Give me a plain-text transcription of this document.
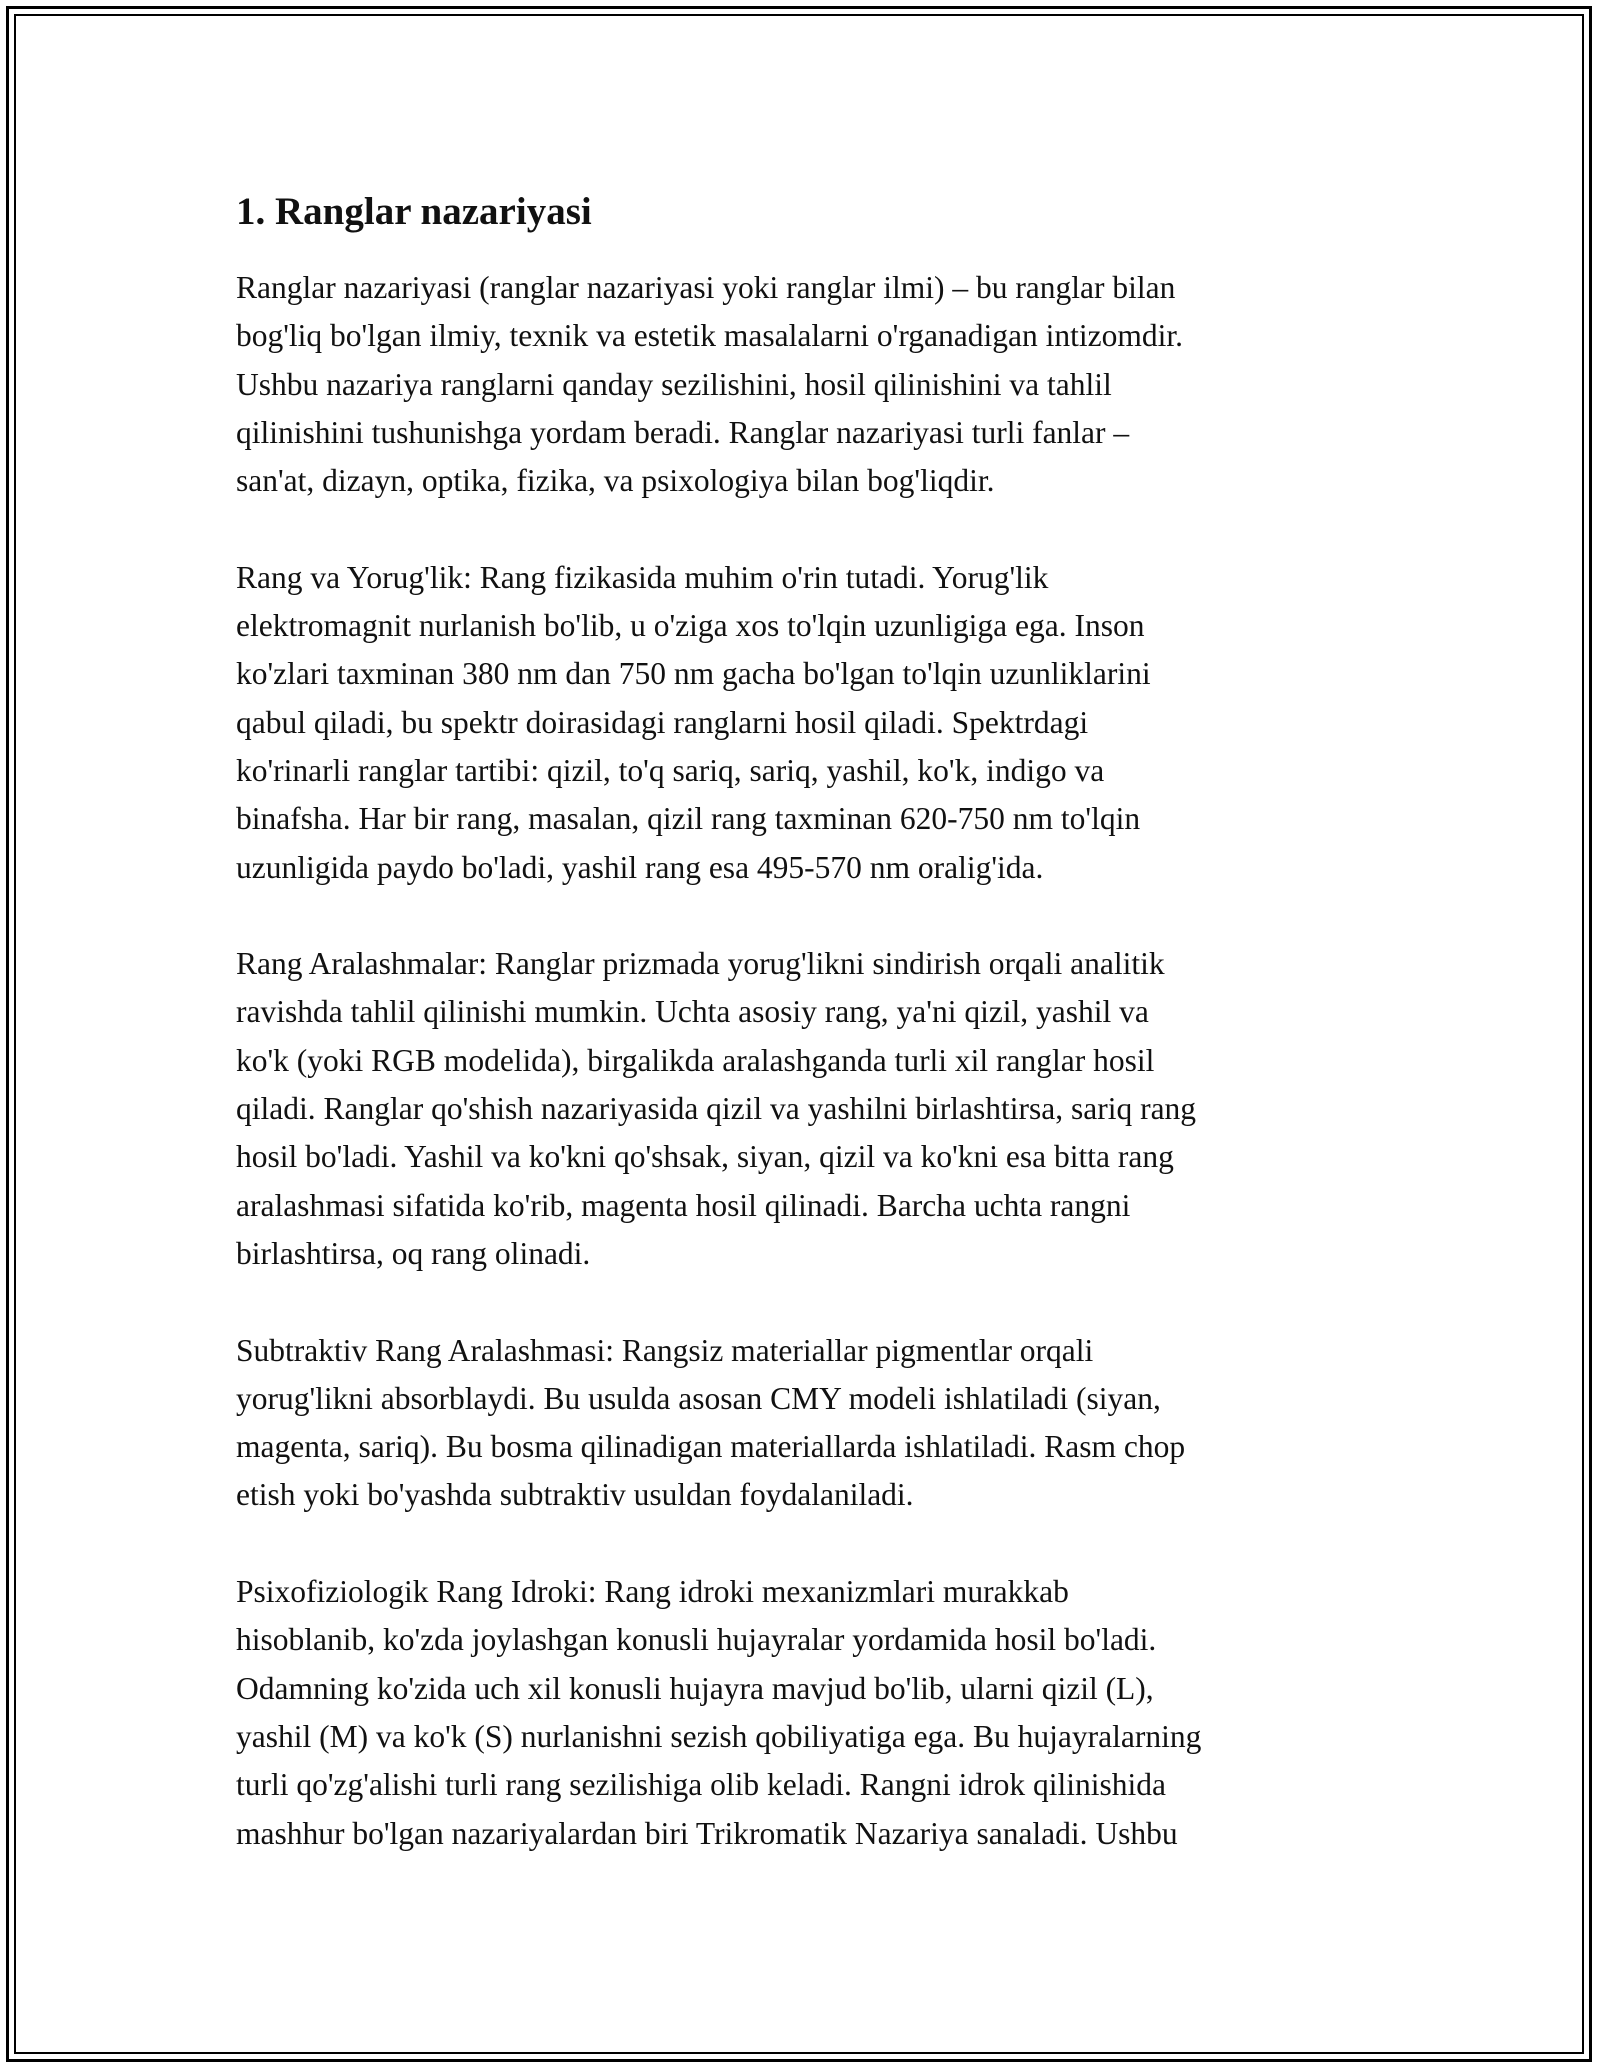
1. Ranglar nazariyasi
Ranglar nazariyasi (ranglar nazariyasi yoki ranglar ilmi) – bu ranglar bilan
bog'liq bo'lgan ilmiy, texnik va estetik masalalarni o'rganadigan intizomdir.
Ushbu nazariya ranglarni qanday sezilishini, hosil qilinishini va tahlil
qilinishini tushunishga yordam beradi. Ranglar nazariyasi turli fanlar –
san'at, dizayn, optika, fizika, va psixologiya bilan bog'liqdir.
Rang va Yorug'lik: Rang fizikasida muhim o'rin tutadi. Yorug'lik
elektromagnit nurlanish bo'lib, u o'ziga xos to'lqin uzunligiga ega. Inson
ko'zlari taxminan 380 nm dan 750 nm gacha bo'lgan to'lqin uzunliklarini
qabul qiladi, bu spektr doirasidagi ranglarni hosil qiladi. Spektrdagi
ko'rinarli ranglar tartibi: qizil, to'q sariq, sariq, yashil, ko'k, indigo va
binafsha. Har bir rang, masalan, qizil rang taxminan 620-750 nm to'lqin
uzunligida paydo bo'ladi, yashil rang esa 495-570 nm oralig'ida.
Rang Aralashmalar: Ranglar prizmada yorug'likni sindirish orqali analitik
ravishda tahlil qilinishi mumkin. Uchta asosiy rang, ya'ni qizil, yashil va
ko'k (yoki RGB modelida), birgalikda aralashganda turli xil ranglar hosil
qiladi. Ranglar qo'shish nazariyasida qizil va yashilni birlashtirsa, sariq rang
hosil bo'ladi. Yashil va ko'kni qo'shsak, siyan, qizil va ko'kni esa bitta rang
aralashmasi sifatida ko'rib, magenta hosil qilinadi. Barcha uchta rangni
birlashtirsa, oq rang olinadi.
Subtraktiv Rang Aralashmasi: Rangsiz materiallar pigmentlar orqali
yorug'likni absorblaydi. Bu usulda asosan CMY modeli ishlatiladi (siyan,
magenta, sariq). Bu bosma qilinadigan materiallarda ishlatiladi. Rasm chop
etish yoki bo'yashda subtraktiv usuldan foydalaniladi.
Psixofiziologik Rang Idroki: Rang idroki mexanizmlari murakkab
hisoblanib, ko'zda joylashgan konusli hujayralar yordamida hosil bo'ladi.
Odamning ko'zida uch xil konusli hujayra mavjud bo'lib, ularni qizil (L),
yashil (M) va ko'k (S) nurlanishni sezish qobiliyatiga ega. Bu hujayralarning
turli qo'zg'alishi turli rang sezilishiga olib keladi. Rangni idrok qilinishida
mashhur bo'lgan nazariyalardan biri Trikromatik Nazariya sanaladi. Ushbu
